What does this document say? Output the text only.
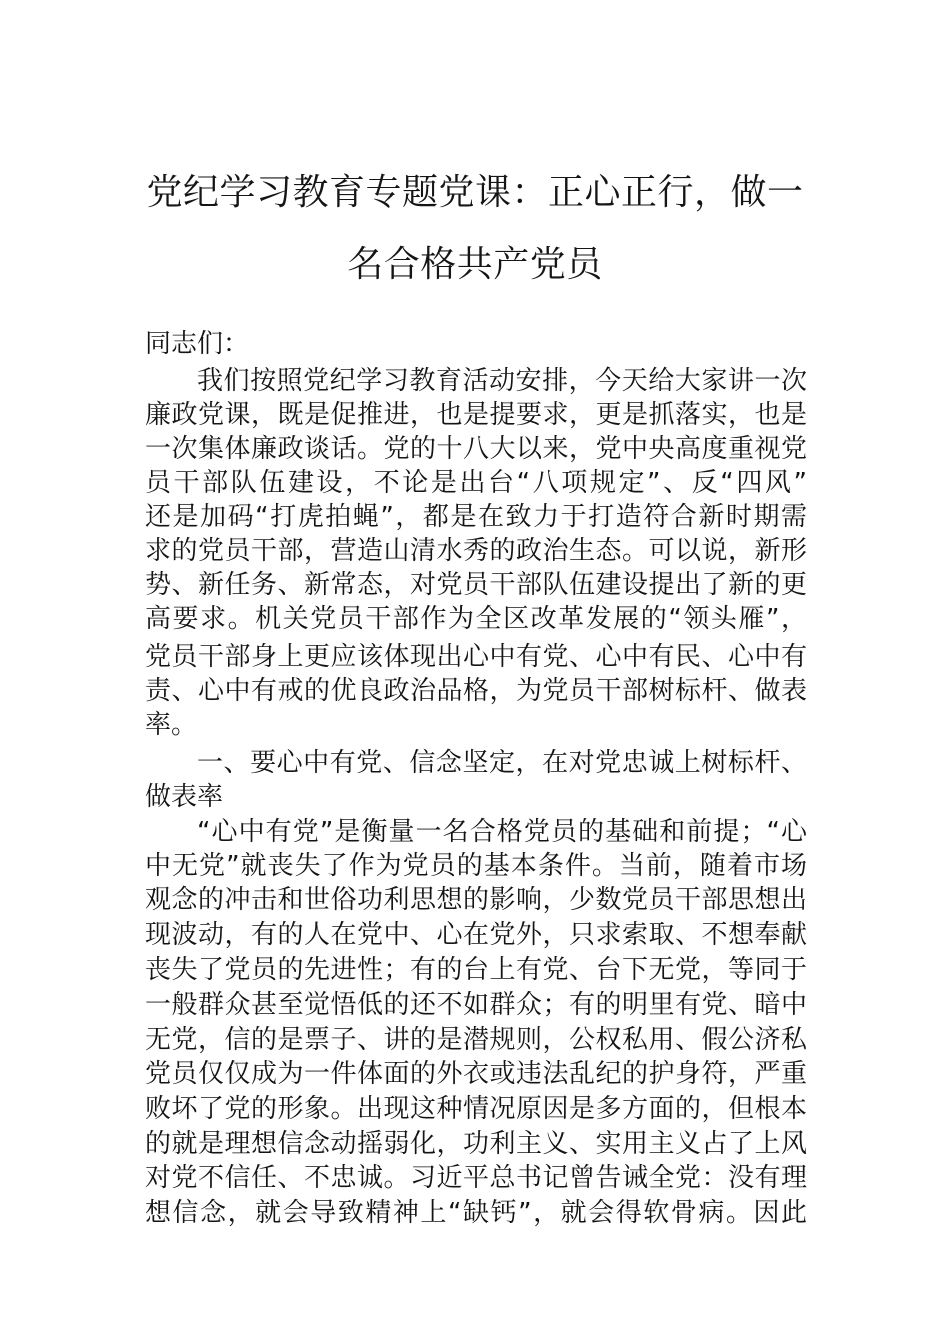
党纪学习教育专题党课：正心正行，做一
名合格共产党员
同志们：
我们按照党纪学习教育活动安排，今天给大家讲一次
廉政党课，既是促推进，也是提要求，更是抓落实，也是
一次集体廉政谈话。党的十八大以来，党中央高度重视党
员干部队伍建设，不论是出台“八项规定”、反“四风”
还是加码“打虎拍蝇”，都是在致力于打造符合新时期需
求的党员干部，营造山清水秀的政治生态。可以说，新形
势、新任务、新常态，对党员干部队伍建设提出了新的更
高要求。机关党员干部作为全区改革发展的“领头雁”，
党员干部身上更应该体现出心中有党、心中有民、心中有
责、心中有戒的优良政治品格，为党员干部树标杆、做表
率。
一、要心中有党、信念坚定，在对党忠诚上树标杆、
做表率
“心中有党”是衡量一名合格党员的基础和前提；“心
中无党”就丧失了作为党员的基本条件。当前，随着市场
观念的冲击和世俗功利思想的影响，少数党员干部思想出
现波动，有的人在党中、心在党外，只求索取、不想奉献
丧失了党员的先进性；有的台上有党、台下无党，等同于
一般群众甚至觉悟低的还不如群众；有的明里有党、暗中
无党，信的是票子、讲的是潜规则，公权私用、假公济私
党员仅仅成为一件体面的外衣或违法乱纪的护身符，严重
败坏了党的形象。出现这种情况原因是多方面的，但根本
的就是理想信念动摇弱化，功利主义、实用主义占了上风
对党不信任、不忠诚。习近平总书记曾告诫全党：没有理
想信念，就会导致精神上“缺钙”，就会得软骨病。因此
